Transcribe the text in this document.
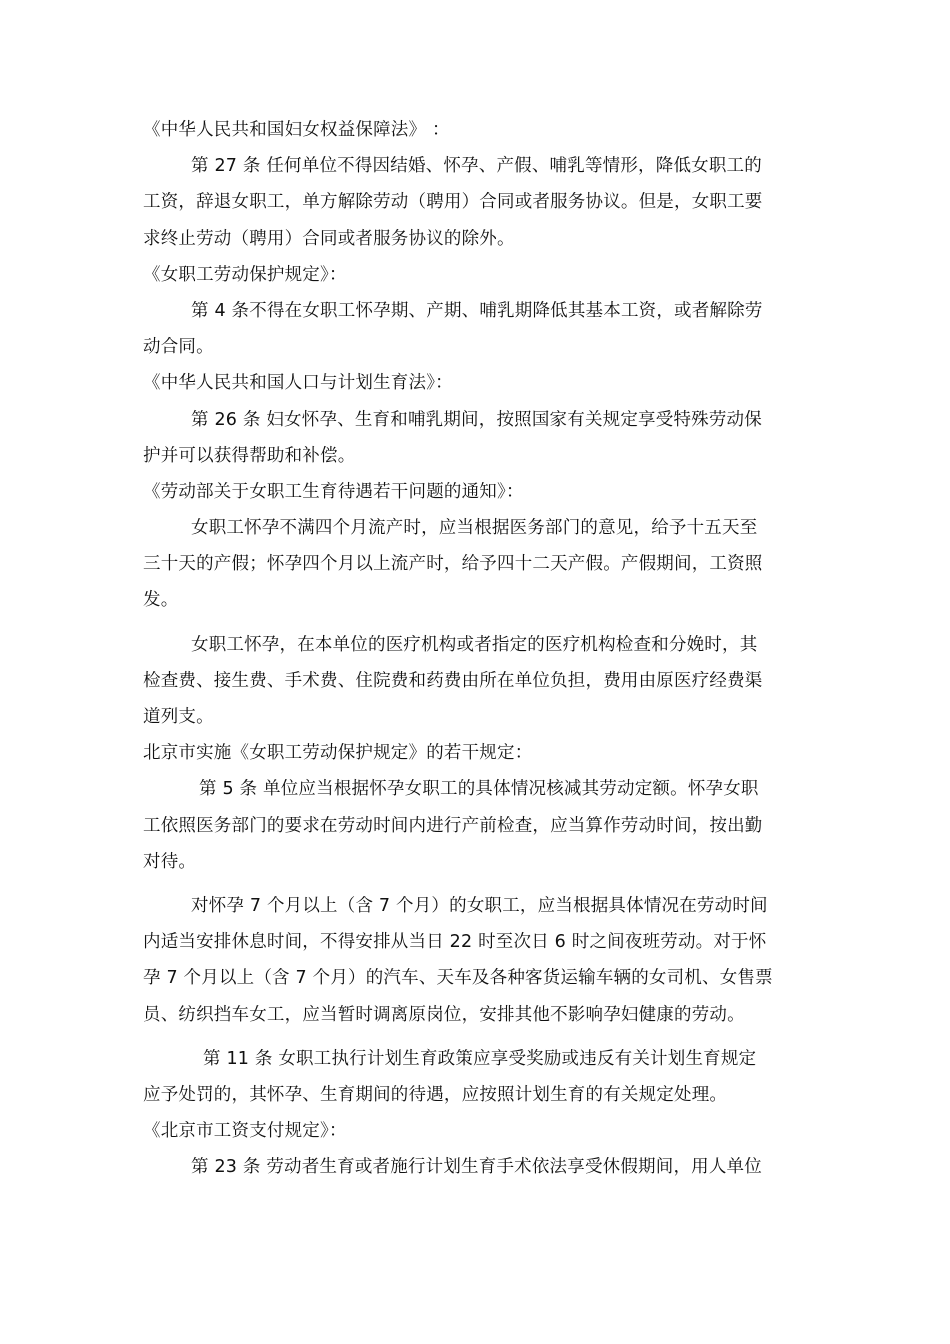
《中华人民共和国妇女权益保障法》 ：
第 27 条 任何单位不得因结婚、怀孕、产假、哺乳等情形，降低女职工的
工资，辞退女职工，单方解除劳动（聘用）合同或者服务协议。但是，女职工要
求终止劳动（聘用）合同或者服务协议的除外。
《女职工劳动保护规定》：
第 4 条不得在女职工怀孕期、产期、哺乳期降低其基本工资，或者解除劳
动合同。
《中华人民共和国人口与计划生育法》：
第 26 条 妇女怀孕、生育和哺乳期间，按照国家有关规定享受特殊劳动保
护并可以获得帮助和补偿。
《劳动部关于女职工生育待遇若干问题的通知》：
女职工怀孕不满四个月流产时，应当根据医务部门的意见，给予十五天至
三十天的产假；怀孕四个月以上流产时，给予四十二天产假。产假期间，工资照
发。
女职工怀孕，在本单位的医疗机构或者指定的医疗机构检查和分娩时，其
检查费、接生费、手术费、住院费和药费由所在单位负担，费用由原医疗经费渠
道列支。
北京市实施《女职工劳动保护规定》的若干规定：
第 5 条 单位应当根据怀孕女职工的具体情况核减其劳动定额。怀孕女职
工依照医务部门的要求在劳动时间内进行产前检查，应当算作劳动时间，按出勤
对待。
对怀孕 7 个月以上（含 7 个月）的女职工，应当根据具体情况在劳动时间
内适当安排休息时间，不得安排从当日 22 时至次日 6 时之间夜班劳动。对于怀
孕 7 个月以上（含 7 个月）的汽车、天车及各种客货运输车辆的女司机、女售票
员、纺织挡车女工，应当暂时调离原岗位，安排其他不影响孕妇健康的劳动。
第 11 条 女职工执行计划生育政策应享受奖励或违反有关计划生育规定
应予处罚的，其怀孕、生育期间的待遇，应按照计划生育的有关规定处理。
《北京市工资支付规定》：
第 23 条 劳动者生育或者施行计划生育手术依法享受休假期间，用人单位
